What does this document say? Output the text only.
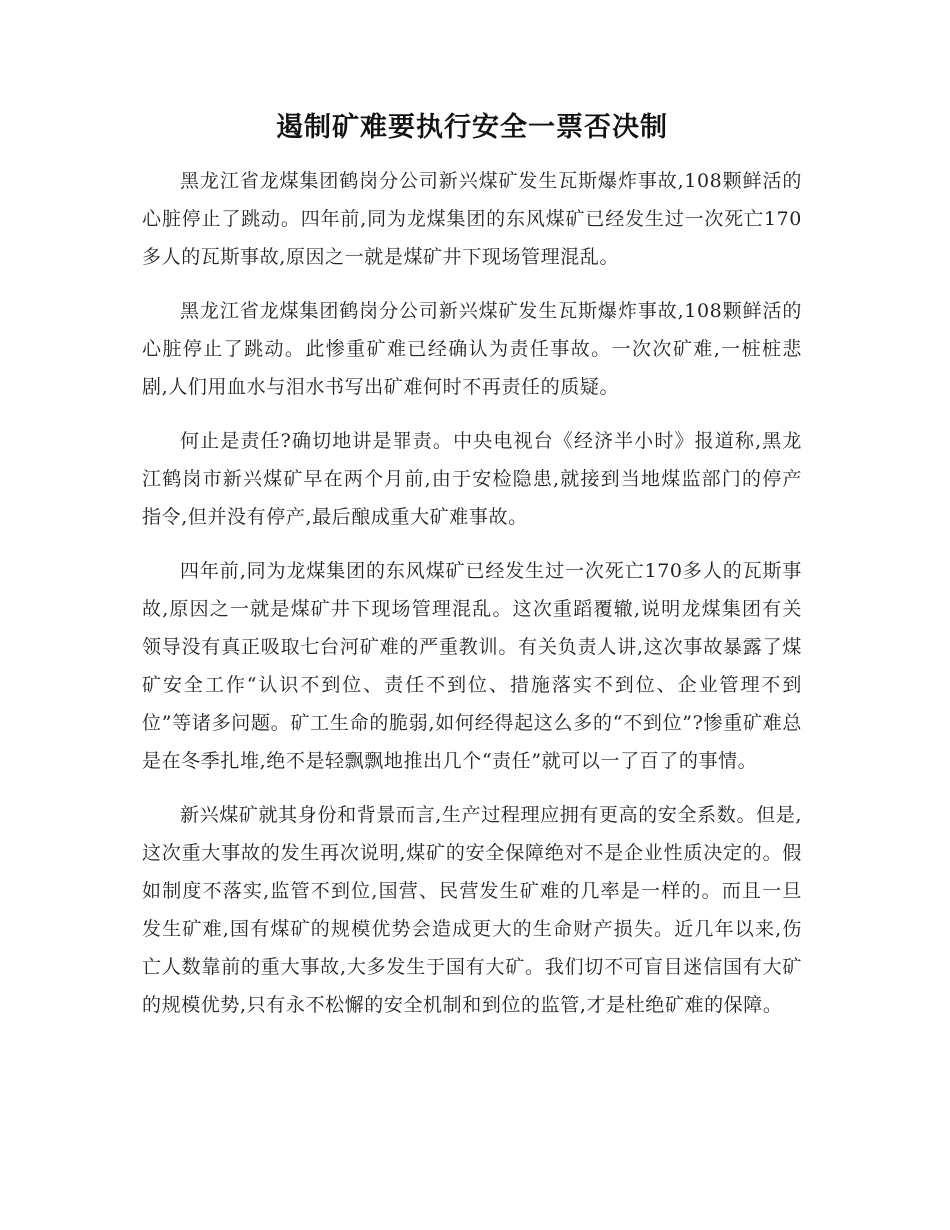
遏制矿难要执行安全一票否决制

黑龙江省龙煤集团鹤岗分公司新兴煤矿发生瓦斯爆炸事故,108颗鲜活的心脏停止了跳动。四年前,同为龙煤集团的东风煤矿已经发生过一次死亡170多人的瓦斯事故,原因之一就是煤矿井下现场管理混乱。

黑龙江省龙煤集团鹤岗分公司新兴煤矿发生瓦斯爆炸事故,108颗鲜活的心脏停止了跳动。此惨重矿难已经确认为责任事故。一次次矿难,一桩桩悲剧,人们用血水与泪水书写出矿难何时不再责任的质疑。

何止是责任?确切地讲是罪责。中央电视台《经济半小时》报道称,黑龙江鹤岗市新兴煤矿早在两个月前,由于安检隐患,就接到当地煤监部门的停产指令,但并没有停产,最后酿成重大矿难事故。

四年前,同为龙煤集团的东风煤矿已经发生过一次死亡170多人的瓦斯事故,原因之一就是煤矿井下现场管理混乱。这次重蹈覆辙,说明龙煤集团有关领导没有真正吸取七台河矿难的严重教训。有关负责人讲,这次事故暴露了煤矿安全工作“认识不到位、责任不到位、措施落实不到位、企业管理不到位”等诸多问题。矿工生命的脆弱,如何经得起这么多的“不到位”?惨重矿难总是在冬季扎堆,绝不是轻飘飘地推出几个“责任”就可以一了百了的事情。

新兴煤矿就其身份和背景而言,生产过程理应拥有更高的安全系数。但是,这次重大事故的发生再次说明,煤矿的安全保障绝对不是企业性质决定的。假如制度不落实,监管不到位,国营、民营发生矿难的几率是一样的。而且一旦发生矿难,国有煤矿的规模优势会造成更大的生命财产损失。近几年以来,伤亡人数靠前的重大事故,大多发生于国有大矿。我们切不可盲目迷信国有大矿的规模优势,只有永不松懈的安全机制和到位的监管,才是杜绝矿难的保障。
